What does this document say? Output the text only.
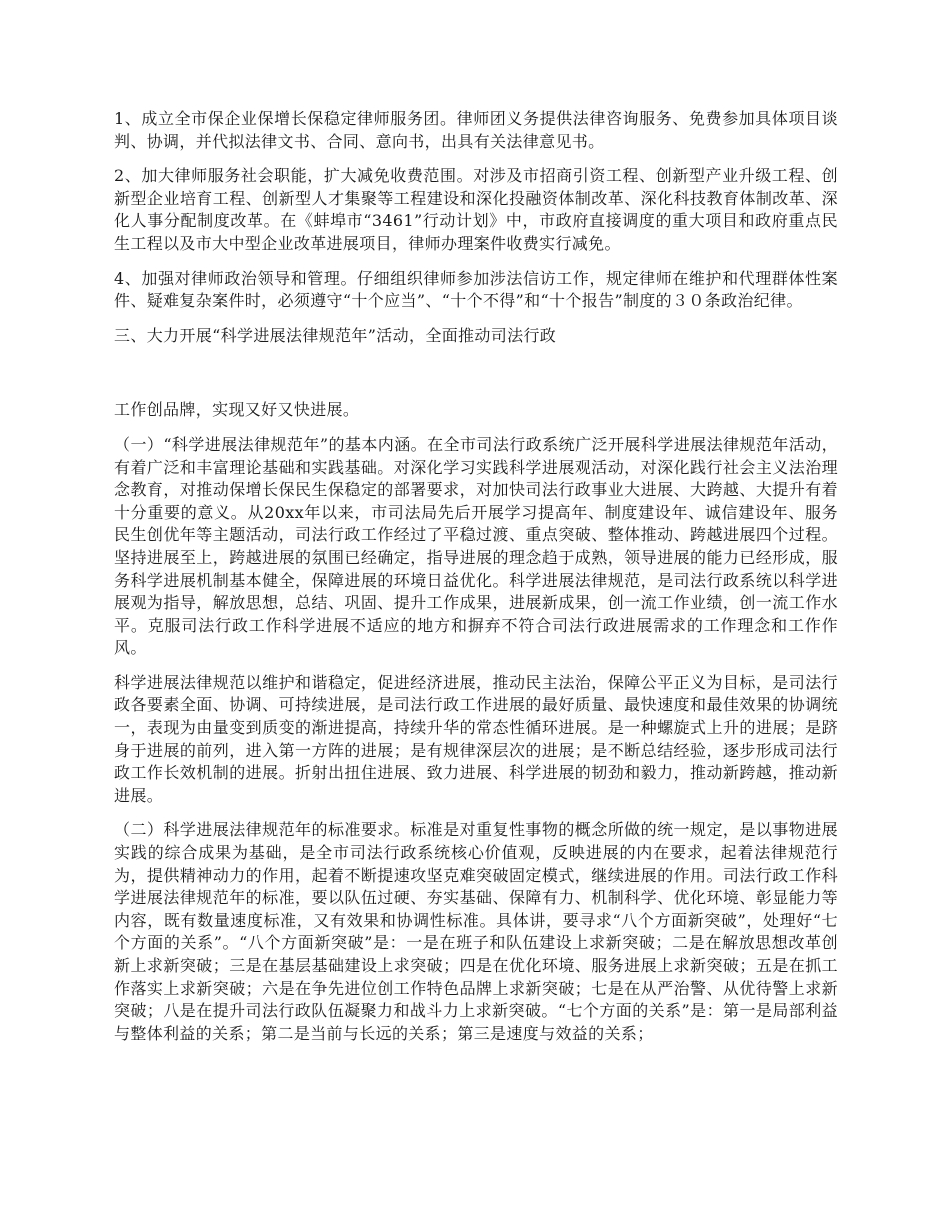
1、成立全市保企业保增长保稳定律师服务团。律师团义务提供法律咨询服务、免费参加具体项目谈判、协调，并代拟法律文书、合同、意向书，出具有关法律意见书。

2、加大律师服务社会职能，扩大减免收费范围。对涉及市招商引资工程、创新型产业升级工程、创新型企业培育工程、创新型人才集聚等工程建设和深化投融资体制改革、深化科技教育体制改革、深化人事分配制度改革。在《蚌埠市“3461”行动计划》中，市政府直接调度的重大项目和政府重点民生工程以及市大中型企业改革进展项目，律师办理案件收费实行减免。

4、加强对律师政治领导和管理。仔细组织律师参加涉法信访工作，规定律师在维护和代理群体性案件、疑难复杂案件时，必须遵守“十个应当”、“十个不得”和“十个报告”制度的３０条政治纪律。

三、大力开展“科学进展法律规范年”活动，全面推动司法行政

工作创品牌，实现又好又快进展。

（一）“科学进展法律规范年”的基本内涵。在全市司法行政系统广泛开展科学进展法律规范年活动，有着广泛和丰富理论基础和实践基础。对深化学习实践科学进展观活动，对深化践行社会主义法治理念教育，对推动保增长保民生保稳定的部署要求，对加快司法行政事业大进展、大跨越、大提升有着十分重要的意义。从20xx年以来，市司法局先后开展学习提高年、制度建设年、诚信建设年、服务民生创优年等主题活动，司法行政工作经过了平稳过渡、重点突破、整体推动、跨越进展四个过程。坚持进展至上，跨越进展的氛围已经确定，指导进展的理念趋于成熟，领导进展的能力已经形成，服务科学进展机制基本健全，保障进展的环境日益优化。科学进展法律规范，是司法行政系统以科学进展观为指导，解放思想，总结、巩固、提升工作成果，进展新成果，创一流工作业绩，创一流工作水平。克服司法行政工作科学进展不适应的地方和摒弃不符合司法行政进展需求的工作理念和工作作风。

科学进展法律规范以维护和谐稳定，促进经济进展，推动民主法治，保障公平正义为目标，是司法行政各要素全面、协调、可持续进展，是司法行政工作进展的最好质量、最快速度和最佳效果的协调统一，表现为由量变到质变的渐进提高，持续升华的常态性循环进展。是一种螺旋式上升的进展；是跻身于进展的前列，进入第一方阵的进展；是有规律深层次的进展；是不断总结经验，逐步形成司法行政工作长效机制的进展。折射出扭住进展、致力进展、科学进展的韧劲和毅力，推动新跨越，推动新进展。

（二）科学进展法律规范年的标准要求。标准是对重复性事物的概念所做的统一规定，是以事物进展实践的综合成果为基础，是全市司法行政系统核心价值观，反映进展的内在要求，起着法律规范行为，提供精神动力的作用，起着不断提速攻坚克难突破固定模式，继续进展的作用。司法行政工作科学进展法律规范年的标准，要以队伍过硬、夯实基础、保障有力、机制科学、优化环境、彰显能力等内容，既有数量速度标准，又有效果和协调性标准。具体讲，要寻求“八个方面新突破”，处理好“七个方面的关系”。“八个方面新突破”是：一是在班子和队伍建设上求新突破；二是在解放思想改革创新上求新突破；三是在基层基础建设上求突破；四是在优化环境、服务进展上求新突破；五是在抓工作落实上求新突破；六是在争先进位创工作特色品牌上求新突破；七是在从严治警、从优待警上求新突破；八是在提升司法行政队伍凝聚力和战斗力上求新突破。“七个方面的关系”是：第一是局部利益与整体利益的关系；第二是当前与长远的关系；第三是速度与效益的关系；
